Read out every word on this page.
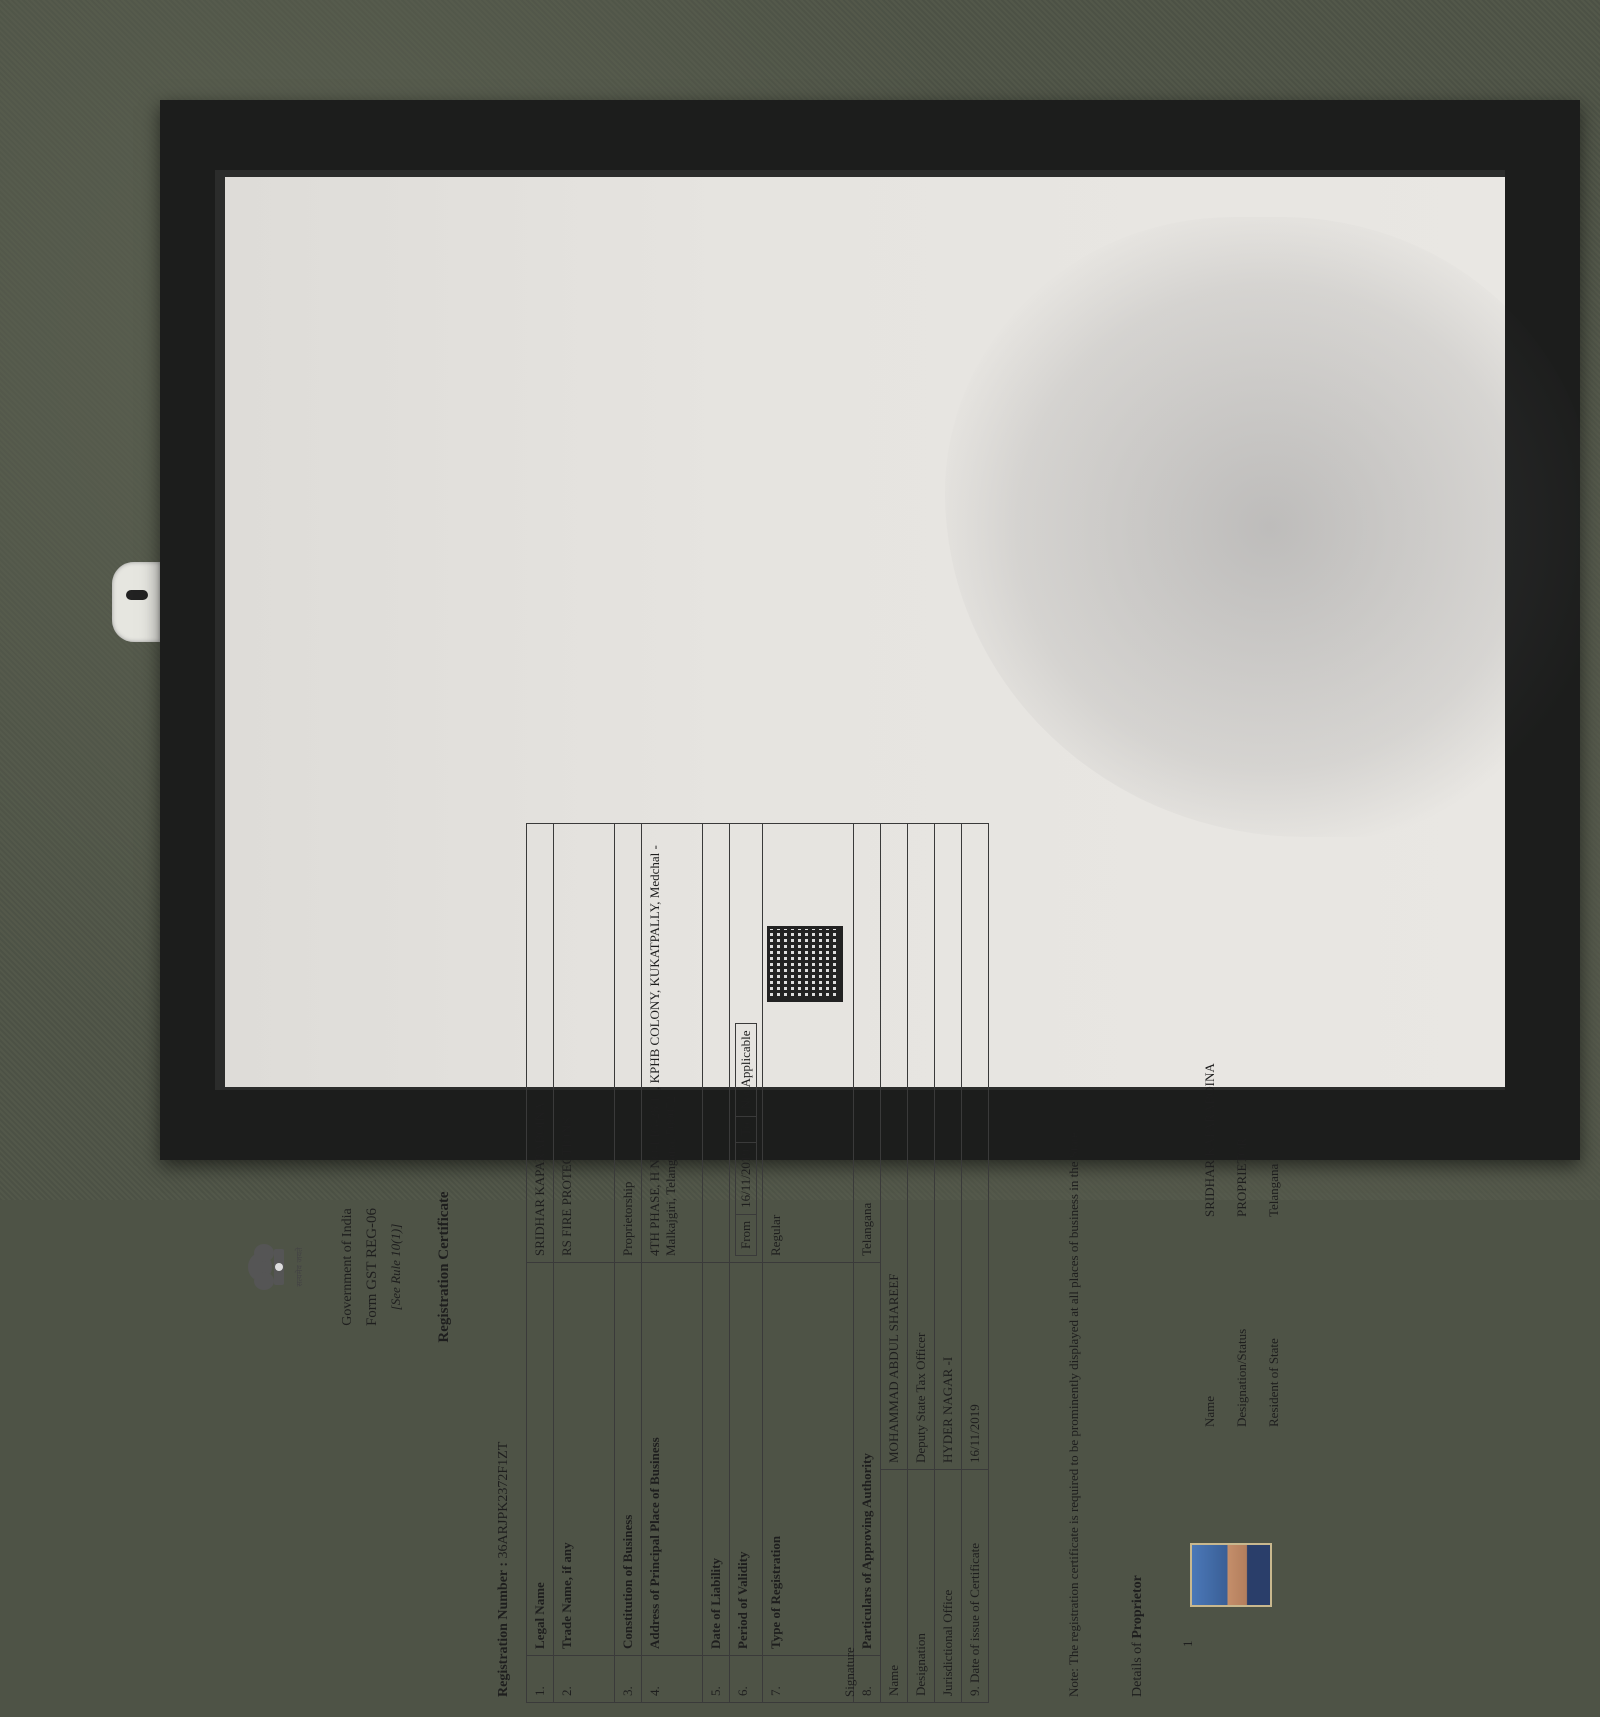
सत्यमेव जयते	Government of India Form GST REG-06 [See Rule 10(1)] Registration Certificate
Registration Number : 36ARJPK2372F1ZT
1.	Legal Name	SRIDHAR KAPARABOINA
2.	Trade Name, if any	RS FIRE PROTECTIONS
3.	Constitution of Business	Proprietorship
4.	Address of Principal Place of Business	4TH PHASE, H NO-LIG-28/1, , KPHB COLONY, KUKATPALLY, Medchal - Malkajgiri, Telangana, 500072
5.	Date of Liability	
6.	Period of Validity	From
16/11/2019
To
Not Applicable

7.	Type of Registration	Regular

8.	Particulars of Approving Authority	Telangana
Signature Name	MOHAMMAD ABDUL SHAREEF
Designation	Deputy State Tax Officer
Jurisdictional Office	HYDER NAGAR -I
9. Date of issue of Certificate	16/11/2019	Note: The registration certificate is required to be prominently displayed at all places of business in the State.	Details of Proprietor
1
Name
SRIDHAR KAPARABOINA
Designation/Status
PROPRIETOR
Resident of State
Telangana
